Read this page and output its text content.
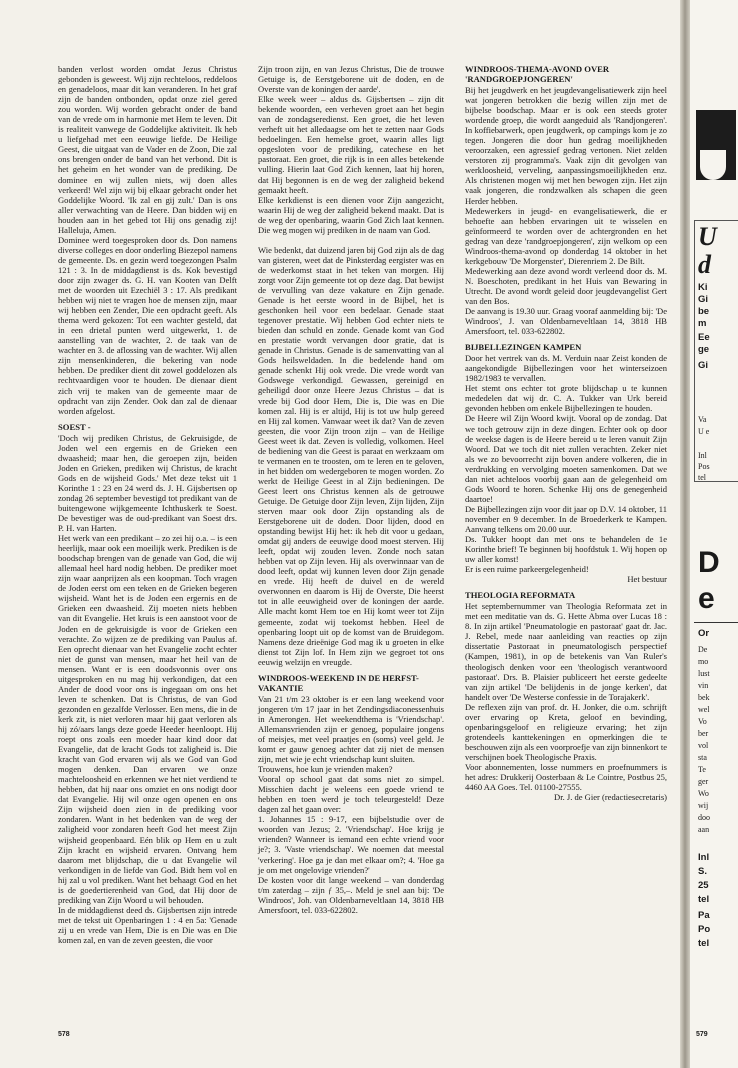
banden verlost worden omdat Jezus Christus gebonden is geweest. Wij zijn rechteloos, reddeloos en genadeloos, maar dit kan veranderen. In het graf zijn de banden ontbonden, opdat onze ziel gered zou worden. Wij worden gebracht onder de band van de vrede om in harmonie met Hem te leven. Dit is realiteit vanwege de Goddelijke aktiviteit. Ik heb u liefgehad met een eeuwige liefde. De Heilige Geest, die uitgaat van de Vader en de Zoon, Die zal ons brengen onder de band van het verbond. Dit is het geheim en het wonder van de prediking. De dominee en wij zullen niets, wij doen alles verkeerd! Wel zijn wij bij elkaar gebracht onder het Goddelijke Woord. 'Ik zal en gij zult.' Dan is ons aller verwachting van de Heere. Dan bidden wij en houden aan in het gebed tot Hij ons genadig zij! Halleluja, Amen.

Dominee werd toegesproken door ds. Don namens diverse colleges en door onderling Biezepol namens de gemeente. Ds. en gezin werd toegezongen Psalm 121 : 3. In de middagdienst is ds. Kok bevestigd door zijn zwager ds. G. H. van Kooten van Delft met de woorden uit Ezechiël 3 : 17. Als predikant hebben wij niet te vragen hoe de mensen zijn, maar wij hebben een Zender, Die een opdracht geeft. Als thema werd gekozen: Tot een wachter gesteld, dat in een drietal punten werd uitgewerkt, 1. de aanstelling van de wachter, 2. de taak van de wachter en 3. de aflossing van de wachter. Wij allen zijn mensenkinderen, die bekering van node hebben. De prediker dient dit zowel goddelozen als rechtvaardigen voor te houden. De dienaar dient zich vrij te maken van de gemeente maar de opdracht van zijn Zender. Ook dan zal de dienaar worden afgelost.

SOEST -

'Doch wij prediken Christus, de Gekruisigde, de Joden wel een ergernis en de Grieken een dwaasheid; maar hen, die geroepen zijn, beiden Joden en Grieken, prediken wij Christus, de kracht Gods en de wijsheid Gods.' Met deze tekst uit 1 Korinthe 1 : 23 en 24 werd ds. J. H. Gijsbertsen op zondag 26 september bevestigd tot predikant van de buitengewone wijkgemeente Ichthuskerk te Soest. De bevestiger was de oud-predikant van Soest drs. P. H. van Harten.

Het werk van een predikant – zo zei hij o.a. – is een heerlijk, maar ook een moeilijk werk. Prediken is de boodschap brengen van de genade van God, die wij allemaal heel hard nodig hebben. De prediker moet zijn waar aanprijzen als een koopman. Toch vragen de Joden eerst om een teken en de Grieken begeren wijsheid. Want het is de Joden een ergernis en de Grieken een dwaasheid. Zij moeten niets hebben van dit Evangelie. Het kruis is een aanstoot voor de Joden en de gekruisigde is voor de Grieken een verachte. Zo wijzen ze de prediking van Paulus af. Een oprecht dienaar van het Evangelie zocht echter niet de gunst van mensen, maar het heil van de mensen. Want er is een doodsvonnis over ons uitgesproken en nu mag hij verkondigen, dat een Ander de dood voor ons is ingegaan om ons het leven te schenken. Dat is Christus, de van God gezonden en gezalfde Verlosser. Een mens, die in de kerk zit, is niet verloren maar hij gaat verloren als hij zó/aars langs deze goede Heeder heenloopt. Hij roept ons zoals een moeder haar kind door dat Evangelie, dat de kracht Gods tot zaligheid is. Die kracht van God ervaren wij als we God van God mogen denken. Dan ervaren we onze machteloosheid en erkennen we het niet verdiend te hebben, dat hij naar ons omziet en ons nodigt door dat Evangelie. Hij wil onze ogen openen en ons Zijn wijsheid doen zien in de prediking voor zondaren. Want in het bedenken van de weg der zaligheid voor zondaren heeft God het meest Zijn wijsheid geopenbaard. Eén blik op Hem en u zult Zijn kracht en wijsheid ervaren. Ontvang hem daarom met blijdschap, die u dat Evangelie wil verkondigen in de liefde van God. Bidt hem vol en hij zal u vol prediken. Want het behaagt God en het is de goedertierenheid van God, dat Hij door de prediking van Zijn Woord u wil behouden.

In de middagdienst deed ds. Gijsbertsen zijn intrede met de tekst uit Openbaringen 1 : 4 en 5a: 'Genade zij u en vrede van Hem, Die is en Die was en Die komen zal, en van de zeven geesten, die voor

Zijn troon zijn, en van Jezus Christus, Die de trouwe Getuige is, de Eerstgeborene uit de doden, en de Overste van de koningen der aarde'.

Elke week weer – aldus ds. Gijsbertsen – zijn dit bekende woorden, een verheven groet aan het begin van de zondagseredienst. Een groet, die het leven verheft uit het alledaagse om het te zetten naar Gods bedoelingen. Een hemelse groet, waarin alles ligt opgesloten voor de prediking, catechese en het pastoraat. Een groet, die rijk is in een alles betekende vulling. Hierin laat God Zich kennen, laat hij horen, dat Hij begonnen is en de weg der zaligheid bekend gemaakt heeft.

Elke kerkdienst is een dienen voor Zijn aangezicht, waarin Hij de weg der zaligheid bekend maakt. Dat is de weg der openbaring, waarin God Zich laat kennen. Die weg mogen wij prediken in de naam van God.

Wie bedenkt, dat duizend jaren bij God zijn als de dag van gisteren, weet dat de Pinksterdag eergister was en de wederkomst staat in het teken van morgen. Hij zorgt voor Zijn gemeente tot op deze dag. Dat bewijst de vervulling van deze vakature en Zijn genade. Genade is het eerste woord in de Bijbel, het is geschonken heil voor een bedelaar. Genade staat tegenover prestatie. Wij hebben God echter niets te bieden dan schuld en zonde. Genade komt van God en prestatie wordt vervangen door gratie, dat is genade in Christus. Genade is de samenvatting van al Gods heilsweldaden. In die bedelende hand om genade schenkt Hij ook vrede. Die vrede wordt van Godswege verkondigd. Gewassen, gereinigd en geheiligd door onze Heere Jezus Christus – dat is vrede bij God door Hem, Die is, Die was en Die komen zal. Hij is er altijd, Hij is tot uw hulp gereed en Hij zal komen. Vanwaar weet ik dat? Van de zeven geesten, die voor Zijn troon zijn – van de Heilige Geest weet ik dat. Zeven is volledig, volkomen. Heel de bediening van die Geest is paraat en werkzaam om te vermanen en te troosten, om te leren en te geloven, in het bidden om wedergeboren te mogen worden. Zo werkt de Heilige Geest in al Zijn bedieningen. De Geest leert ons Christus kennen als de getrouwe Getuige. De Getuige door Zijn leven, Zijn lijden, Zijn sterven maar ook door Zijn opstanding als de Eerstgeborene uit de doden. Door lijden, dood en opstanding bewijst Hij het: ik heb dit voor u gedaan, omdat gij anders de eeuwige dood moest sterven. Hij leeft, opdat wij zouden leven. Zonde noch satan hebben vat op Zijn leven. Hij als overwinnaar van de dood leeft, opdat wij kunnen leven door Zijn genade en vrede. Hij heeft de duivel en de wereld overwonnen en daarom is Hij de Overste, Die heerst tot in alle eeuwigheid over de koningen der aarde. Alle macht komt Hem toe en Hij komt weer tot Zijn gemeente, zodat wij toekomst hebben. Heel de openbaring loopt uit op de komst van de Bruidegom. Namens deze drieënige God mag ik u groeten in elke dienst tot Zijn lof. In Hem zijn we gegroet tot ons eeuwig welzijn en vreugde.

WINDROOS-WEEKEND IN DE HERFST-VAKANTIE

Van 21 t/m 23 oktober is er een lang weekend voor jongeren t/m 17 jaar in het Zendingsdiaconessenhuis in Amerongen. Het weekendthema is 'Vriendschap'. Allemansvrienden zijn er genoeg, populaire jongens of meisjes, met veel praatjes en (soms) veel geld. Je komt er gauw genoeg achter dat zij niet de mensen zijn, met wie je echt vriendschap kunt sluiten.

Trouwens, hoe kun je vrienden maken?

Vooral op school gaat dat soms niet zo simpel. Misschien dacht je weleens een goede vriend te hebben en toen werd je toch teleurgesteld! Deze dagen zal het gaan over:

1. Johannes 15 : 9-17, een bijbelstudie over de woorden van Jezus; 2. 'Vriendschap'. Hoe krijg je vrienden? Wanneer is iemand een echte vriend voor je?; 3. 'Vaste vriendschap'. We noemen dat meestal 'verkering'. Hoe ga je dan met elkaar om?; 4. 'Hoe ga je om met ongelovige vrienden?'

De kosten voor dit lange weekend – van donderdag t/m zaterdag – zijn ƒ 35,–. Meld je snel aan bij: 'De Windroos', Joh. van Oldenbarneveltlaan 14, 3818 HB Amersfoort, tel. 033-622802.

WINDROOS-THEMA-AVOND OVER 'RANDGROEPJONGEREN'

Bij het jeugdwerk en het jeugdevangelisatiewerk zijn heel wat jongeren betrokken die bezig willen zijn met de bijbelse boodschap. Maar er is ook een steeds groter wordende groep, die wordt aangeduid als 'Randjongeren'. In koffiebarwerk, open jeugdwerk, op campings kom je zo tegen. Jongeren die door hun gedrag moeilijkheden veroorzaken, een agressief gedrag vertonen. Niet zelden verstoren zij programma's. Vaak zijn dit gevolgen van werkloosheid, verveling, aanpassingsmoeilijkheden enz. Als christenen mogen wij met hen bewogen zijn. Het zijn vaak jongeren, die rondzwalken als schapen die geen Herder hebben.

Medewerkers in jeugd- en evangelisatiewerk, die er behoefte aan hebben ervaringen uit te wisselen en geïnformeerd te worden over de achtergronden en het gedrag van deze 'randgroepjongeren', zijn welkom op een Windroos-thema-avond op donderdag 14 oktober in het kerkgebouw 'De Morgenster', Dierenriem 2. De Bilt.

Medewerking aan deze avond wordt verleend door ds. M. N. Boeschoten, predikant in het Huis van Bewaring in Utrecht. De avond wordt geleid door jeugdevangelist Gert van den Bos.

De aanvang is 19.30 uur. Graag vooraf aanmelding bij: 'De Windroos', J. van Oldenbarneveltlaan 14, 3818 HB Amersfoort, tel. 033-622802.

BIJBELLEZINGEN KAMPEN

Door het vertrek van ds. M. Verduin naar Zeist konden de aangekondigde Bijbellezingen voor het winterseizoen 1982/1983 te vervallen.

Het stemt ons echter tot grote blijdschap u te kunnen mededelen dat wij dr. C. A. Tukker van Urk bereid gevonden hebben om enkele Bijbellezingen te houden.

De Heere wil Zijn Woord kwijt. Vooral op de zondag. Dat we toch getrouw zijn in deze dingen. Echter ook op door de weekse dagen is de Heere bereid u te leren vanuit Zijn Woord. Dat we toch dit niet zullen verachten. Zeker niet als we zo bevoorrecht zijn boven andere volkeren, die in verdrukking en vervolging moeten samenkomen. Dat we dan niet achteloos voorbij gaan aan de gelegenheid om Gods Woord te horen. Schenke Hij ons de genegenheid daartoe!

De Bijbellezingen zijn voor dit jaar op D.V. 14 oktober, 11 november en 9 december. In de Broederkerk te Kampen. Aanvang telkens om 20.00 uur.

Ds. Tukker hoopt dan met ons te behandelen de 1e Korinthe brief! Te beginnen bij hoofdstuk 1. Wij hopen op uw aller komst!

Er is een ruime parkeergelegenheid!

Het bestuur

THEOLOGIA REFORMATA

Het septembernummer van Theologia Reformata zet in met een meditatie van ds. G. Hette Abma over Lucas 18 : 8. In zijn artikel 'Pneumatologie en pastoraat' gaat dr. Jac. J. Rebel, mede naar aanleiding van reacties op zijn dissertatie Pastoraat in pneumatologisch perspectief (Kampen, 1981), in op de betekenis van Van Ruler's theologisch denken voor een 'theologisch verantwoord pastoraat'. Drs. B. Plaisier publiceert het eerste gedeelte van zijn artikel 'De belijdenis in de jonge kerken', dat handelt over 'De Westerse confessie in de Torajakerk'.

De reflexen zijn van prof. dr. H. Jonker, die o.m. schrijft over ervaring op Kreta, geloof en bevinding, openbaringsgeloof en religieuze ervaring; het zijn grotendeels kanttekeningen en opmerkingen die te beschouwen zijn als een voorproefje van zijn binnenkort te verschijnen boek Theologische Praxis.

Voor abonnementen, losse nummers en proefnummers is het adres: Drukkerij Oosterbaan & Le Cointre, Postbus 25, 4460 AA Goes. Tel. 01100-27555.

Dr. J. de Gier (redactiesecretaris)

578
U
d
Ki
Gi
be
m
Ee
ge
Gi
Va
U e
Inl
Pos
tel
D
e
Or
De
mo
lust
vin
bek
wel
Vo
ber
vol
sta
Te
ger
Wo
wij
doo
aan
Inl
S.
25
tel
Pa
Po
tel
579
